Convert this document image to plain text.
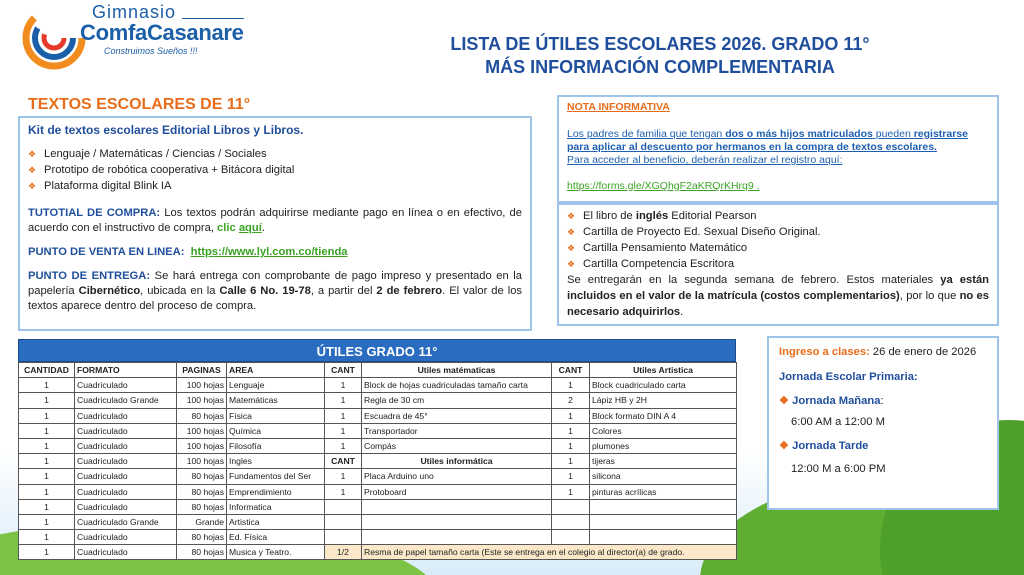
Gimnasio
ComfaCasanare
Construimos Sueños !!!	LISTA DE ÚTILES ESCOLARES 2026. GRADO 11°
MÁS INFORMACIÓN COMPLEMENTARIA
TEXTOS ESCOLARES DE 11°
Kit de textos escolares Editorial Libros y Libros.
❖ Lenguaje / Matemáticas / Ciencias / Sociales
❖ Prototipo de robótica cooperativa + Bitácora digital
❖ Plataforma digital Blink IA
TUTOTIAL DE COMPRA: Los textos podrán adquirirse mediante pago en línea o en efectivo, de acuerdo con el instructivo de compra, clic aquí.
PUNTO DE VENTA EN LINEA: https://www.lyl.com.co/tienda
PUNTO DE ENTREGA: Se hará entrega con comprobante de pago impreso y presentado en la papelería Cibernético, ubicada en la Calle 6 No. 19-78, a partir del 2 de febrero. El valor de los textos aparece dentro del proceso de compra.
NOTA INFORMATIVA
Los padres de familia que tengan dos o más hijos matriculados pueden registrarse para aplicar al descuento por hermanos en la compra de textos escolares.
Para acceder al beneficio, deberán realizar el registro aquí:
https://forms.gle/XGQhgF2aKRQrKHrq9 .
❖ El libro de inglés Editorial Pearson
❖ Cartilla de Proyecto Ed. Sexual Diseño Original.
❖ Cartilla Pensamiento Matemático
❖ Cartilla Competencia Escritora
Se entregarán en la segunda semana de febrero. Estos materiales ya están incluidos en el valor de la matrícula (costos complementarios), por lo que no es necesario adquirirlos.
ÚTILES GRADO 11°
CANTIDAD	FORMATO	PAGINAS	AREA	CANT	Utiles matématicas	CANT	Utiles Artistica
1	Cuadriculado	100 hojas	Lenguaje	1	Block de hojas cuadriculadas tamaño carta	1	Block cuadriculado carta
1	Cuadriculado Grande	100 hojas	Matemáticas	1	Regla de 30 cm	2	Lápiz HB y 2H
1	Cuadriculado	80 hojas	Física	1	Escuadra de 45°	1	Block formato DIN A 4
1	Cuadriculado	100 hojas	Química	1	Transportador	1	Colores
1	Cuadriculado	100 hojas	Filosofía	1	Compás	1	plumones
1	Cuadriculado	100 hojas	Ingles	CANT	Utiles informática	1	tijeras
1	Cuadriculado	80 hojas	Fundamentos del Ser	1	Placa Arduino uno	1	silicona
1	Cuadriculado	80 hojas	Emprendimiento	1	Protoboard	1	pinturas acrílicas
1	Cuadriculado	80 hojas	Informatica				
1	Cuadriculado Grande	Grande	Artistica				
1	Cuadriculado	80 hojas	Ed. Física				
1	Cuadriculado	80 hojas	Musica y Teatro.	1/2	Resma de papel tamaño carta (Este se entrega en el colegio al director(a) de grado.		
Ingreso a clases: 26 de enero de 2026
Jornada Escolar Primaria:
❖ Jornada Mañana:
6:00 AM a 12:00 M
❖ Jornada Tarde
12:00 M a 6:00 PM
